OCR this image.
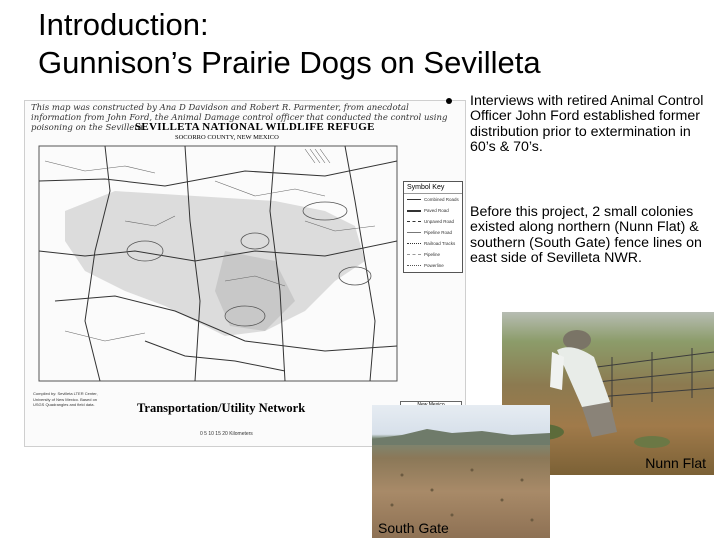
Introduction:
Gunnison’s Prairie Dogs on Sevilleta
This map was constructed by Ana D Davidson and Robert R. Parmenter, from anecdotal information from John Ford, the Animal Damage control officer that conducted the control using poisoning on the Sevilleta.
SEVILLETA NATIONAL WILDLIFE REFUGE
SOCORRO COUNTY, NEW MEXICO
Symbol Key
Combined Roads
Paved Road
Unpaved Road
Pipeline Road
Railroad Tracks
Pipeline
Powerline
Compiled by: Sevilleta LTER Center, University of New Mexico. Based on USGS Quadrangles and field data.	Transportation/Utility Network
0 5 10 15 20 Kilometers
Interviews with retired Animal Control Officer John Ford established former distribution prior to extermination in 60’s & 70’s.
Before this project, 2 small colonies existed along northern (Nunn Flat) & southern (South Gate) fence lines on east side of Sevilleta NWR.
Nunn Flat
South Gate
